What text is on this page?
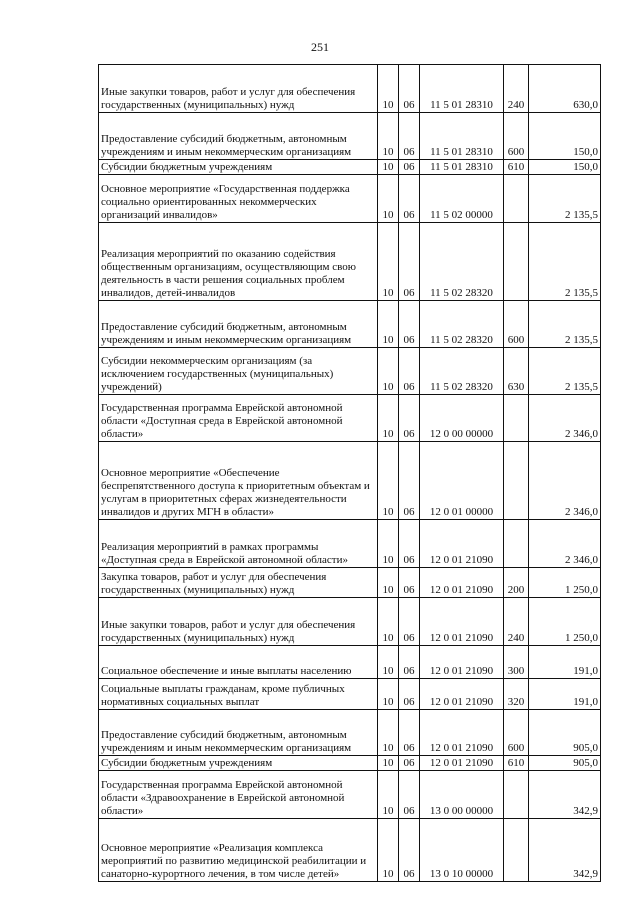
251
Иные закупки товаров, работ и услуг для обеспечения государственных (муниципальных) нужд	10	06	11 5 01 28310	240	630,0
Предоставление субсидий бюджетным, автономным учреждениям и иным некоммерческим организациям	10	06	11 5 01 28310	600	150,0
Субсидии бюджетным учреждениям	10	06	11 5 01 28310	610	150,0
Основное мероприятие «Государственная поддержка социально ориентированных некоммерческих организаций инвалидов»	10	06	11 5 02 00000		2 135,5
Реализация мероприятий по оказанию содействия общественным организациям, осуществляющим свою деятельность в части решения социальных проблем инвалидов, детей-инвалидов	10	06	11 5 02 28320		2 135,5
Предоставление субсидий бюджетным, автономным учреждениям и иным некоммерческим организациям	10	06	11 5 02 28320	600	2 135,5
Субсидии некоммерческим организациям (за исключением государственных (муниципальных) учреждений)	10	06	11 5 02 28320	630	2 135,5
Государственная программа Еврейской автономной области «Доступная среда в Еврейской автономной области»	10	06	12 0 00 00000		2 346,0
Основное мероприятие «Обеспечение беспрепятственного доступа к приоритетным объектам и услугам в приоритетных сферах жизнедеятельности инвалидов и других МГН в области»	10	06	12 0 01 00000		2 346,0
Реализация мероприятий в рамках программы «Доступная среда в Еврейской автономной области»	10	06	12 0 01 21090		2 346,0
Закупка товаров, работ и услуг для обеспечения государственных (муниципальных) нужд	10	06	12 0 01 21090	200	1 250,0
Иные закупки товаров, работ и услуг для обеспечения государственных (муниципальных) нужд	10	06	12 0 01 21090	240	1 250,0
Социальное обеспечение и иные выплаты населению	10	06	12 0 01 21090	300	191,0
Социальные выплаты гражданам, кроме публичных нормативных социальных выплат	10	06	12 0 01 21090	320	191,0
Предоставление субсидий бюджетным, автономным учреждениям и иным некоммерческим организациям	10	06	12 0 01 21090	600	905,0
Субсидии бюджетным учреждениям	10	06	12 0 01 21090	610	905,0
Государственная программа Еврейской автономной области «Здравоохранение в Еврейской автономной области»	10	06	13 0 00 00000		342,9
Основное мероприятие «Реализация комплекса мероприятий по развитию медицинской реабилитации и санаторно-курортного лечения, в том числе детей»	10	06	13 0 10 00000		342,9
